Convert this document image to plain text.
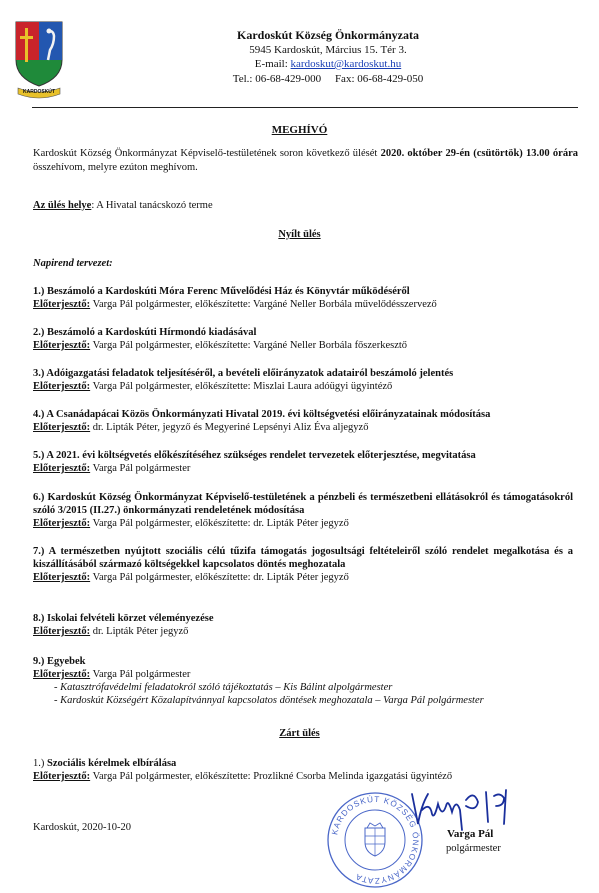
KARDOSKÚT
Kardoskút Község Önkormányzata
5945 Kardoskút, Március 15. Tér 3.
E-mail: kardoskut@kardoskut.hu
Tel.: 06-68-429-000 Fax: 06-68-429-050
MEGHÍVÓ
Kardoskút Község Önkormányzat Képviselő-testületének soron következő ülését 2020. október 29-én (csütörtök) 13.00 órára összehívom, melyre ezúton meghívom.
Az ülés helye: A Hivatal tanácskozó terme
Nyílt ülés
Napirend tervezet:
1.) Beszámoló a Kardoskúti Móra Ferenc Művelődési Ház és Könyvtár működéséről
Előterjesztő: Varga Pál polgármester, előkészítette: Vargáné Neller Borbála művelődésszervező
2.) Beszámoló a Kardoskúti Hírmondó kiadásával
Előterjesztő: Varga Pál polgármester, előkészítette: Vargáné Neller Borbála főszerkesztő
3.) Adóigazgatási feladatok teljesítéséről, a bevételi előirányzatok adatairól beszámoló jelentés
Előterjesztő: Varga Pál polgármester, előkészítette: Miszlai Laura adóügyi ügyintéző
4.) A Csanádapácai Közös Önkormányzati Hivatal 2019. évi költségvetési előirányzatainak módosítása
Előterjesztő: dr. Lipták Péter, jegyző és Megyeriné Lepsényi Aliz Éva aljegyző
5.) A 2021. évi költségvetés előkészítéséhez szükséges rendelet tervezetek előterjesztése, megvitatása
Előterjesztő: Varga Pál polgármester
6.) Kardoskút Község Önkormányzat Képviselő-testületének a pénzbeli és természetbeni ellátásokról és támogatásokról szóló 3/2015 (II.27.) önkormányzati rendeletének módosítása
Előterjesztő: Varga Pál polgármester, előkészítette: dr. Lipták Péter jegyző
7.) A természetben nyújtott szociális célú tűzifa támogatás jogosultsági feltételeiről szóló rendelet megalkotása és a kiszállításából származó költségekkel kapcsolatos döntés meghozatala
Előterjesztő: Varga Pál polgármester, előkészítette: dr. Lipták Péter jegyző
8.) Iskolai felvételi körzet véleményezése
Előterjesztő: dr. Lipták Péter jegyző
9.) Egyebek
Előterjesztő: Varga Pál polgármester
- Katasztrófavédelmi feladatokról szóló tájékoztatás – Kis Bálint alpolgármester
- Kardoskút Községért Közalapítvánnyal kapcsolatos döntések meghozatala – Varga Pál polgármester
Zárt ülés
1.) Szociális kérelmek elbírálása
Előterjesztő: Varga Pál polgármester, előkészítette: Prozlikné Csorba Melinda igazgatási ügyintéző
Kardoskút, 2020-10-20	KARDOSKÚT KÖZSÉG ÖNKORMÁNYZATA
Varga Pál
polgármester
